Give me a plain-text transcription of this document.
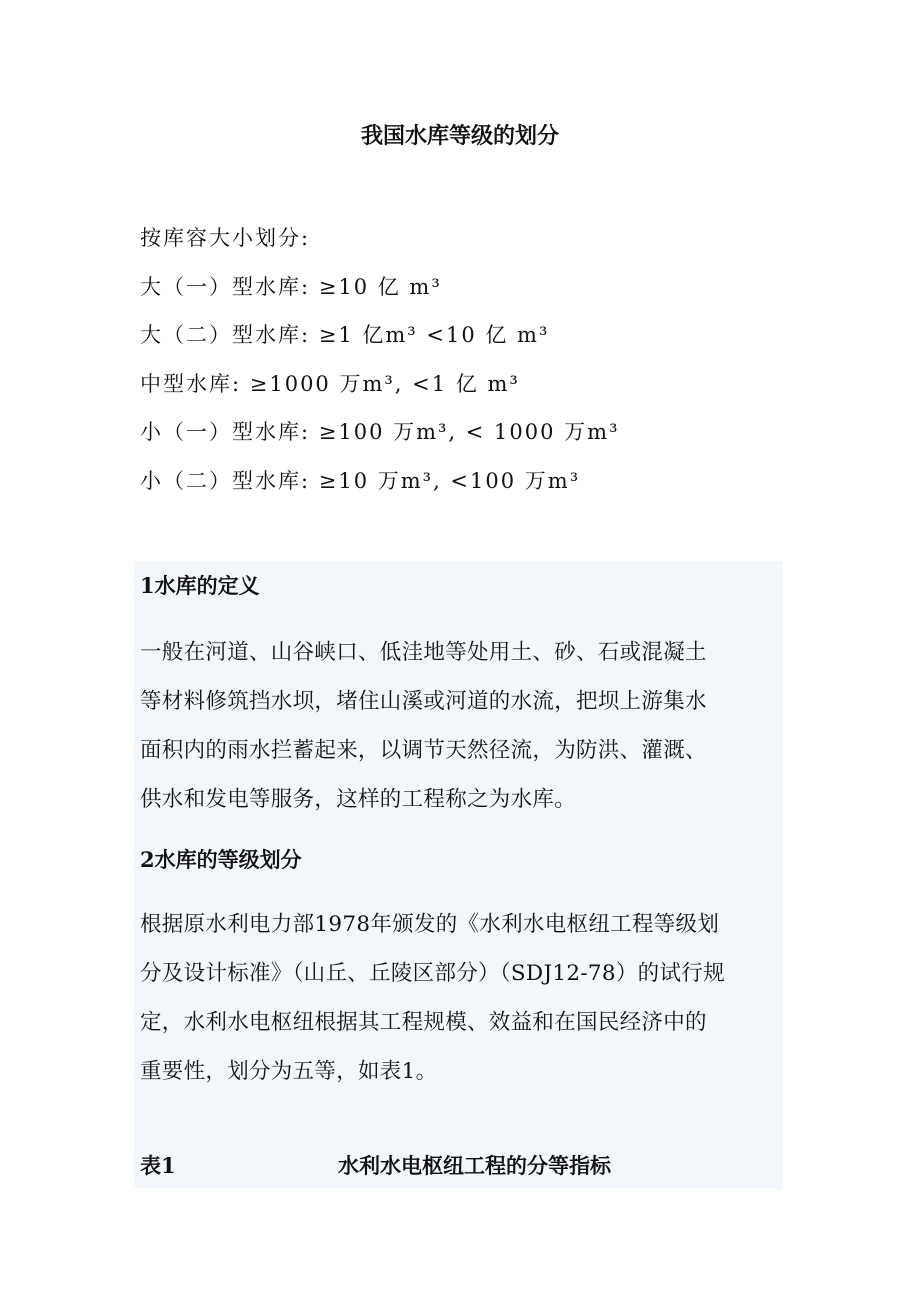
我国水库等级的划分
按库容大小划分:
大（一）型水库: ≥10 亿 m³
大（二）型水库: ≥1 亿m³ <10 亿 m³
中型水库: ≥1000 万m³, <1 亿 m³
小（一）型水库: ≥100 万m³, < 1000 万m³
小（二）型水库: ≥10 万m³, <100 万m³
1水库的定义
一般在河道、山谷峡口、低洼地等处用土、砂、石或混凝土
等材料修筑挡水坝，堵住山溪或河道的水流，把坝上游集水
面积内的雨水拦蓄起来，以调节天然径流，为防洪、灌溉、
供水和发电等服务，这样的工程称之为水库。
2水库的等级划分
根据原水利电力部1978年颁发的《水利水电枢纽工程等级划
分及设计标准》（山丘、丘陵区部分）（SDJ12-78）的试行规
定，水利水电枢纽根据其工程规模、效益和在国民经济中的
重要性，划分为五等，如表1。
表1	水利水电枢纽工程的分等指标
